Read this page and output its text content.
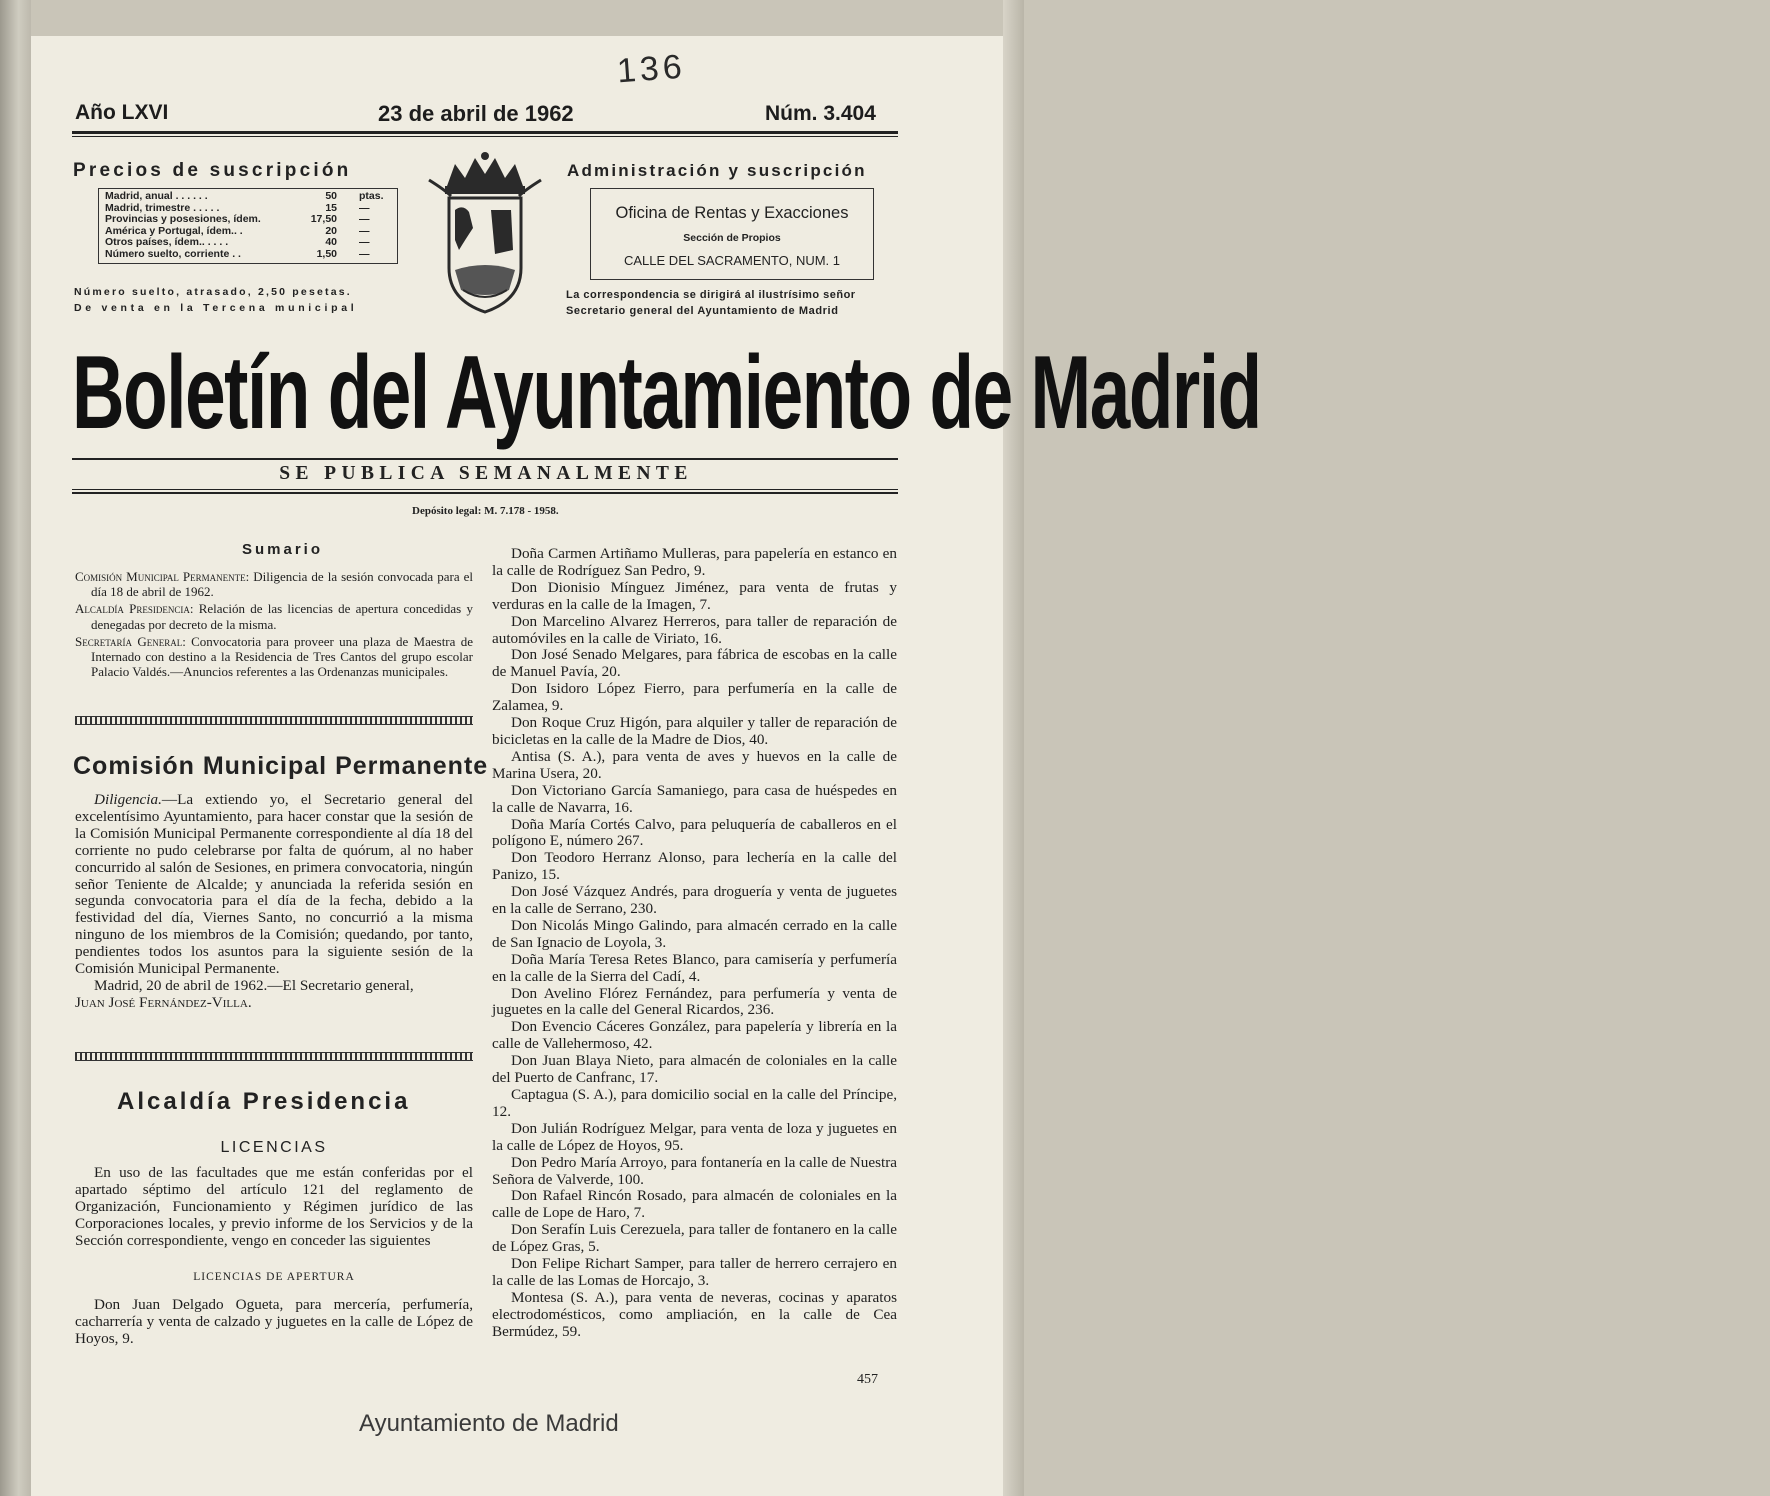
Año LXVI	23 de abril de 1962	Núm. 3.404
136
Precios de suscripción
Madrid, anual . . . . . .	50 ptas.
Madrid, trimestre . . . . .	15 —
Provincias y posesiones, ídem.	17,50 —
América y Portugal, ídem.. .	20 —
Otros países, ídem.. . . . .	40 —
Número suelto, corriente . .	1,50 —
Número suelto, atrasado, 2,50 pesetas.
De venta en la Tercena municipal
Administración y suscripción
Oficina de Rentas y Exacciones
Sección de Propios
CALLE DEL SACRAMENTO, NUM. 1
La correspondencia se dirigirá al ilustrísimo señor
Secretario general del Ayuntamiento de Madrid
Boletín del Ayuntamiento de Madrid
SE PUBLICA SEMANALMENTE
Depósito legal: M. 7.178 - 1958.
Sumario

Comisión Municipal Permanente: Diligencia de la sesión convocada para el día 18 de abril de 1962.

Alcaldía Presidencia: Relación de las licencias de apertura concedidas y denegadas por decreto de la misma.

Secretaría General: Convocatoria para proveer una plaza de Maestra de Internado con destino a la Residencia de Tres Cantos del grupo escolar Palacio Valdés.—Anuncios referentes a las Ordenanzas municipales.

Comisión Municipal Permanente

Diligencia.—La extiendo yo, el Secretario general del excelentísimo Ayuntamiento, para hacer constar que la sesión de la Comisión Municipal Permanente correspondiente al día 18 del corriente no pudo celebrarse por falta de quórum, al no haber concurrido al salón de Sesiones, en primera convocatoria, ningún señor Teniente de Alcalde; y anunciada la referida sesión en segunda convocatoria para el día de la fecha, debido a la festividad del día, Viernes Santo, no concurrió a la misma ninguno de los miembros de la Comisión; quedando, por tanto, pendientes todos los asuntos para la siguiente sesión de la Comisión Municipal Permanente.

Madrid, 20 de abril de 1962.—El Secretario general,

Juan José Fernández-Villa.

Alcaldía Presidencia
LICENCIAS

En uso de las facultades que me están conferidas por el apartado séptimo del artículo 121 del reglamento de Organización, Funcionamiento y Régimen jurídico de las Corporaciones locales, y previo informe de los Servicios y de la Sección correspondiente, vengo en conceder las siguientes

LICENCIAS DE APERTURA

Don Juan Delgado Ogueta, para mercería, perfumería, cacharrería y venta de calzado y juguetes en la calle de López de Hoyos, 9.

Doña Carmen Artiñamo Mulleras, para papelería en estanco en la calle de Rodríguez San Pedro, 9.

Don Dionisio Mínguez Jiménez, para venta de frutas y verduras en la calle de la Imagen, 7.

Don Marcelino Alvarez Herreros, para taller de reparación de automóviles en la calle de Viriato, 16.

Don José Senado Melgares, para fábrica de escobas en la calle de Manuel Pavía, 20.

Don Isidoro López Fierro, para perfumería en la calle de Zalamea, 9.

Don Roque Cruz Higón, para alquiler y taller de reparación de bicicletas en la calle de la Madre de Dios, 40.

Antisa (S. A.), para venta de aves y huevos en la calle de Marina Usera, 20.

Don Victoriano García Samaniego, para casa de huéspedes en la calle de Navarra, 16.

Doña María Cortés Calvo, para peluquería de caballeros en el polígono E, número 267.

Don Teodoro Herranz Alonso, para lechería en la calle del Panizo, 15.

Don José Vázquez Andrés, para droguería y venta de juguetes en la calle de Serrano, 230.

Don Nicolás Mingo Galindo, para almacén cerrado en la calle de San Ignacio de Loyola, 3.

Doña María Teresa Retes Blanco, para camisería y perfumería en la calle de la Sierra del Cadí, 4.

Don Avelino Flórez Fernández, para perfumería y venta de juguetes en la calle del General Ricardos, 236.

Don Evencio Cáceres González, para papelería y librería en la calle de Vallehermoso, 42.

Don Juan Blaya Nieto, para almacén de coloniales en la calle del Puerto de Canfranc, 17.

Captagua (S. A.), para domicilio social en la calle del Príncipe, 12.

Don Julián Rodríguez Melgar, para venta de loza y juguetes en la calle de López de Hoyos, 95.

Don Pedro María Arroyo, para fontanería en la calle de Nuestra Señora de Valverde, 100.

Don Rafael Rincón Rosado, para almacén de coloniales en la calle de Lope de Haro, 7.

Don Serafín Luis Cerezuela, para taller de fontanero en la calle de López Gras, 5.

Don Felipe Richart Samper, para taller de herrero cerrajero en la calle de las Lomas de Horcajo, 3.

Montesa (S. A.), para venta de neveras, cocinas y aparatos electrodomésticos, como ampliación, en la calle de Cea Bermúdez, 59.

457
Ayuntamiento de Madrid
